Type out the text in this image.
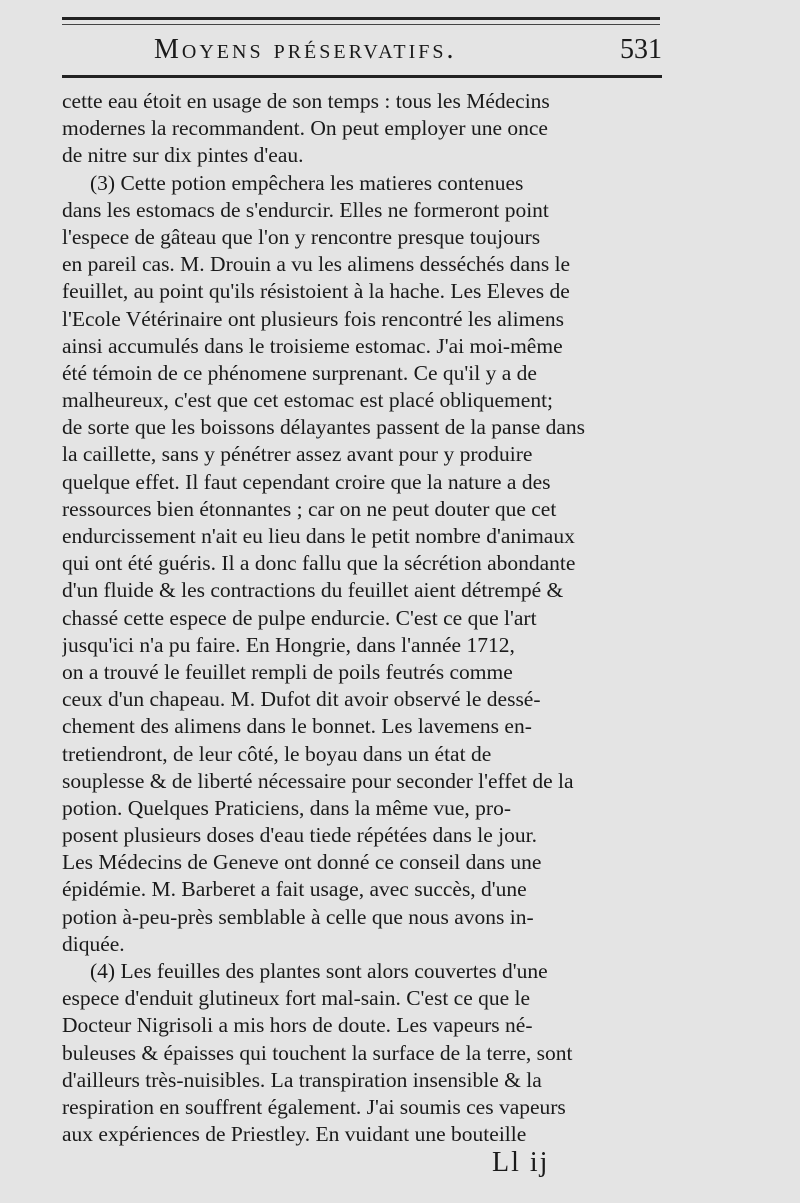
Moyens préservatifs.	531
cette eau étoit en usage de son temps : tous les Médecins
modernes la recommandent. On peut employer une once
de nitre sur dix pintes d'eau.
(3) Cette potion empêchera les matieres contenues
dans les estomacs de s'endurcir. Elles ne formeront point
l'espece de gâteau que l'on y rencontre presque toujours
en pareil cas. M. Drouin a vu les alimens desséchés dans le
feuillet, au point qu'ils résistoient à la hache. Les Eleves de
l'Ecole Vétérinaire ont plusieurs fois rencontré les alimens
ainsi accumulés dans le troisieme estomac. J'ai moi-même
été témoin de ce phénomene surprenant. Ce qu'il y a de
malheureux, c'est que cet estomac est placé obliquement;
de sorte que les boissons délayantes passent de la panse dans
la caillette, sans y pénétrer assez avant pour y produire
quelque effet. Il faut cependant croire que la nature a des
ressources bien étonnantes ; car on ne peut douter que cet
endurcissement n'ait eu lieu dans le petit nombre d'animaux
qui ont été guéris. Il a donc fallu que la sécrétion abondante
d'un fluide & les contractions du feuillet aient détrempé &
chassé cette espece de pulpe endurcie. C'est ce que l'art
jusqu'ici n'a pu faire. En Hongrie, dans l'année 1712,
on a trouvé le feuillet rempli de poils feutrés comme
ceux d'un chapeau. M. Dufot dit avoir observé le dessé-
chement des alimens dans le bonnet. Les lavemens en-
tretiendront, de leur côté, le boyau dans un état de
souplesse & de liberté nécessaire pour seconder l'effet de la
potion. Quelques Praticiens, dans la même vue, pro-
posent plusieurs doses d'eau tiede répétées dans le jour.
Les Médecins de Geneve ont donné ce conseil dans une
épidémie. M. Barberet a fait usage, avec succès, d'une
potion à-peu-près semblable à celle que nous avons in-
diquée.
(4) Les feuilles des plantes sont alors couvertes d'une
espece d'enduit glutineux fort mal-sain. C'est ce que le
Docteur Nigrisoli a mis hors de doute. Les vapeurs né-
buleuses & épaisses qui touchent la surface de la terre, sont
d'ailleurs très-nuisibles. La transpiration insensible & la
respiration en souffrent également. J'ai soumis ces vapeurs
aux expériences de Priestley. En vuidant une bouteille
Ll ij
